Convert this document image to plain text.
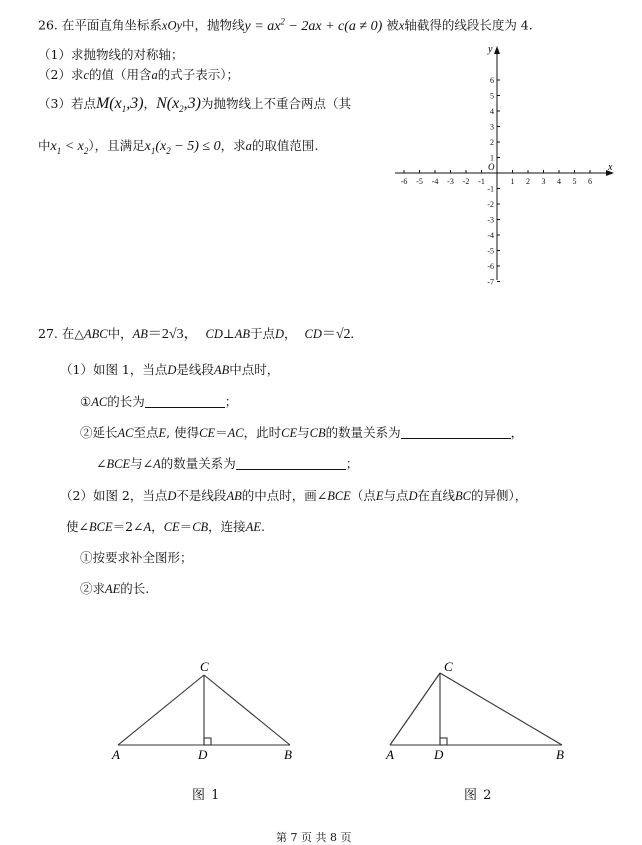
26. 在平面直角坐标系xOy中，抛物线$y = ax^2 - 2ax + c(a \ne 0)$ 被x轴截得的线段长度为 4.
（1）求抛物线的对称轴；
（2）求c的值（用含a的式子表示）；
（3）若点$M(x_1,3)$，$N(x_2,3)$为抛物线上不重合两点（其
中$x_1 < x_2$），且满足$x_1(x_2 - 5) \le 0$，求a的取值范围.
-6 -5 -4 -3 -2 -1	1 2 3 4 5 6
6
5
4
3
2
1
-1
-2
-3
-4
-5
-6
-7
x
y
O
27. 在△ABC中，AB＝2√3， CD⊥AB于点D， CD＝√2.
（1）如图 1，当点D是线段AB中点时，
①AC的长为	；
②延长AC至点E, 使得CE＝AC，此时CE与CB的数量关系为	，
∠BCE与∠A的数量关系为	；
（2）如图 2，当点D不是线段AB的中点时，画∠BCE（点E与点D在直线BC的异侧），
使∠BCE＝2∠A，CE＝CB，连接AE.
①按要求补全图形；
②求AE的长.
C
A	D	B
图 1
C
A	D	B
图 2
第 7 页 共 8 页
